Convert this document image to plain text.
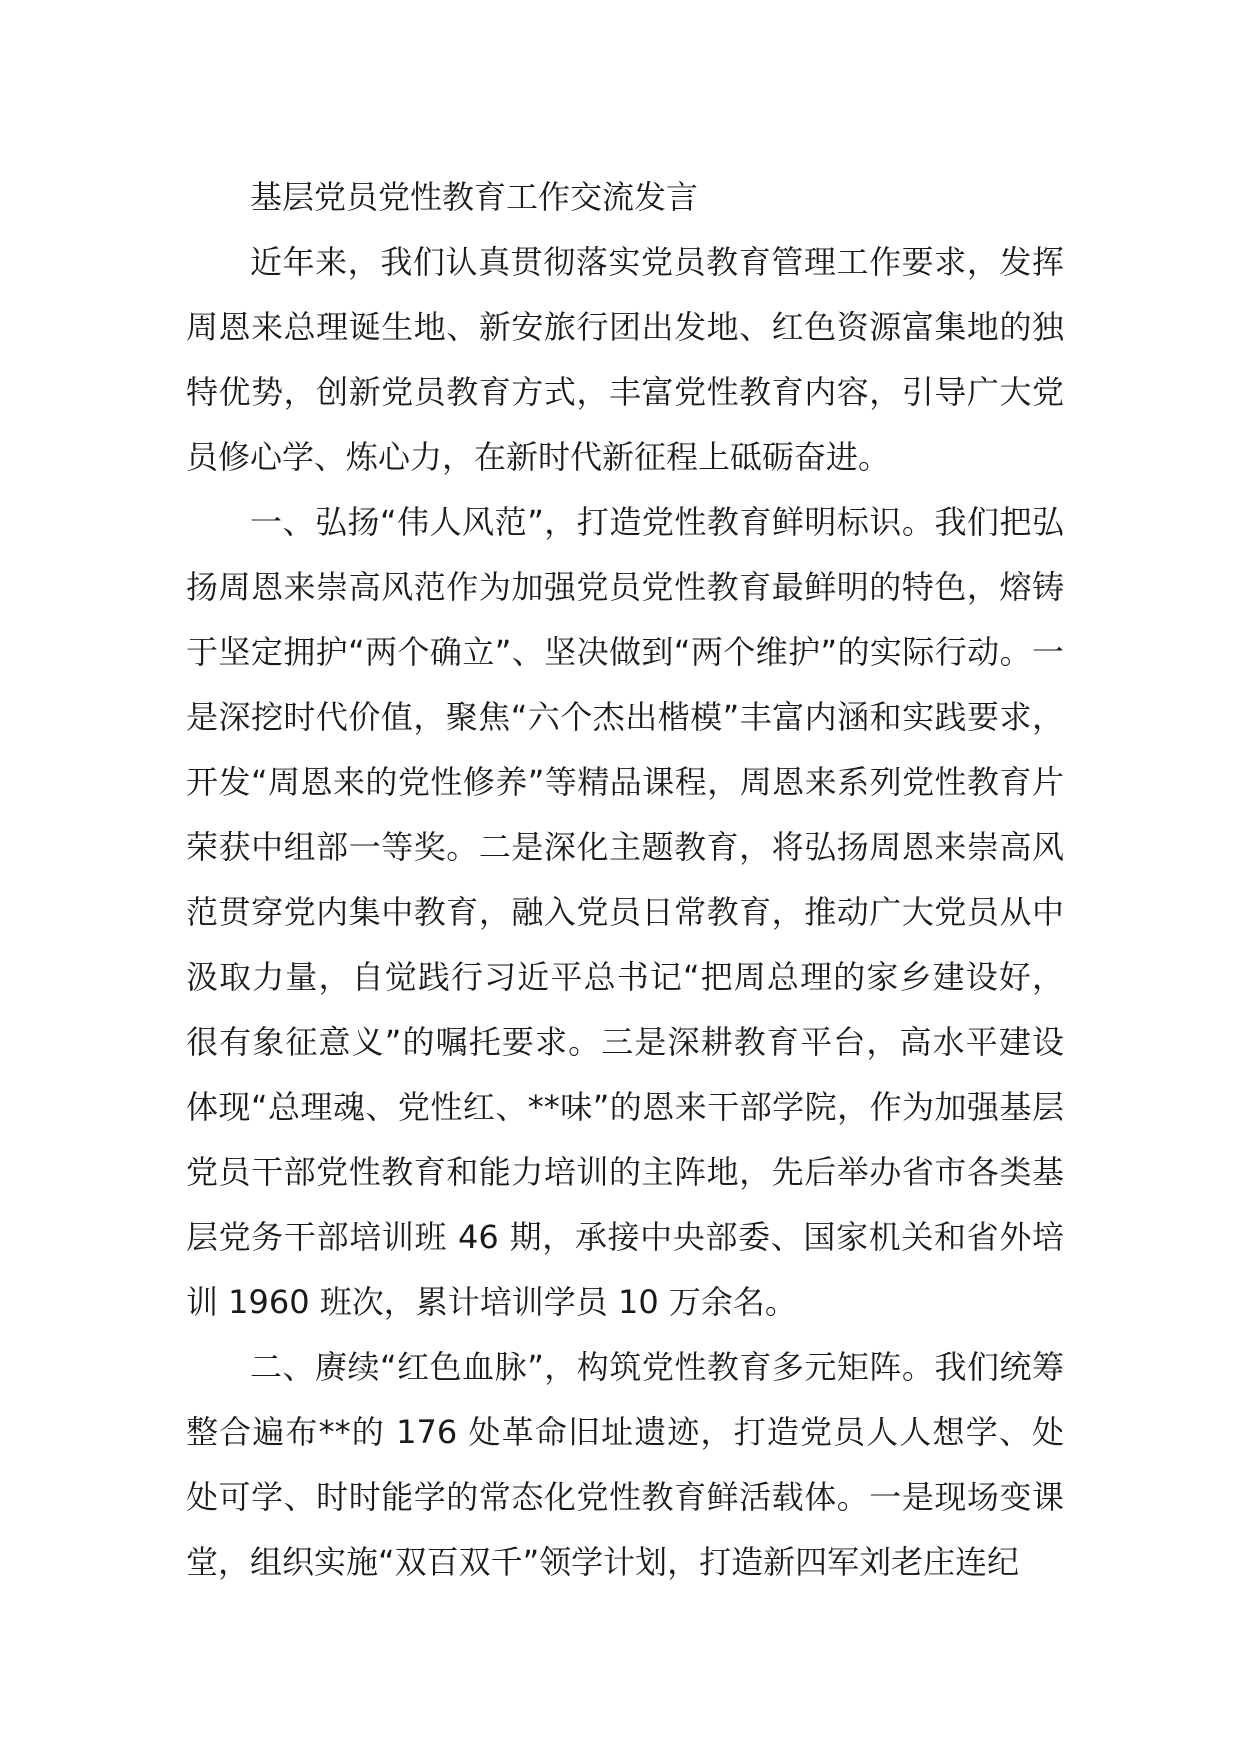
基层党员党性教育工作交流发言

近年来，我们认真贯彻落实党员教育管理工作要求，发挥周恩来总理诞生地、新安旅行团出发地、红色资源富集地的独特优势，创新党员教育方式，丰富党性教育内容，引导广大党员修心学、炼心力，在新时代新征程上砥砺奋进。

一、弘扬“伟人风范”，打造党性教育鲜明标识。我们把弘扬周恩来崇高风范作为加强党员党性教育最鲜明的特色，熔铸于坚定拥护“两个确立”、坚决做到“两个维护”的实际行动。一是深挖时代价值，聚焦“六个杰出楷模”丰富内涵和实践要求，开发“周恩来的党性修养”等精品课程，周恩来系列党性教育片荣获中组部一等奖。二是深化主题教育，将弘扬周恩来崇高风范贯穿党内集中教育，融入党员日常教育，推动广大党员从中汲取力量，自觉践行习近平总书记“把周总理的家乡建设好，很有象征意义”的嘱托要求。三是深耕教育平台，高水平建设体现“总理魂、党性红、**味”的恩来干部学院，作为加强基层党员干部党性教育和能力培训的主阵地，先后举办省市各类基层党务干部培训班 46 期，承接中央部委、国家机关和省外培训 1960 班次，累计培训学员 10 万余名。

二、赓续“红色血脉”，构筑党性教育多元矩阵。我们统筹整合遍布**的 176 处革命旧址遗迹，打造党员人人想学、处处可学、时时能学的常态化党性教育鲜活载体。一是现场变课堂，组织实施“双百双千”领学计划，打造新四军刘老庄连纪
